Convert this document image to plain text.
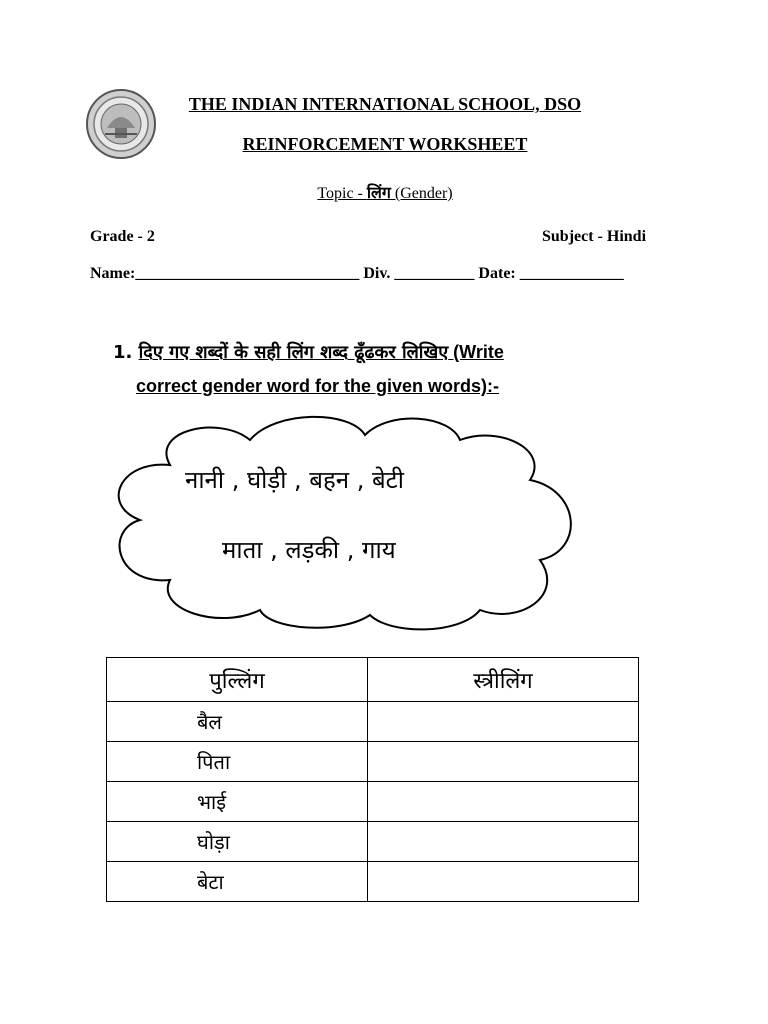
THE INDIAN INTERNATIONAL SCHOOL, DSO
REINFORCEMENT WORKSHEET
Topic - लिंग (Gender)
Grade - 2	Subject - Hindi
Name:____________________________ Div. __________ Date: _____________
1. दिए गए शब्दों के सही लिंग शब्द ढूँढकर लिखिए (Write
correct gender word for the given words):-
नानी , घोड़ी , बहन , बेटी
माता , लड़की , गाय
पुल्लिंग	स्त्रीलिंग
बैल	
पिता	
भाई	
घोड़ा	
बेटा	
